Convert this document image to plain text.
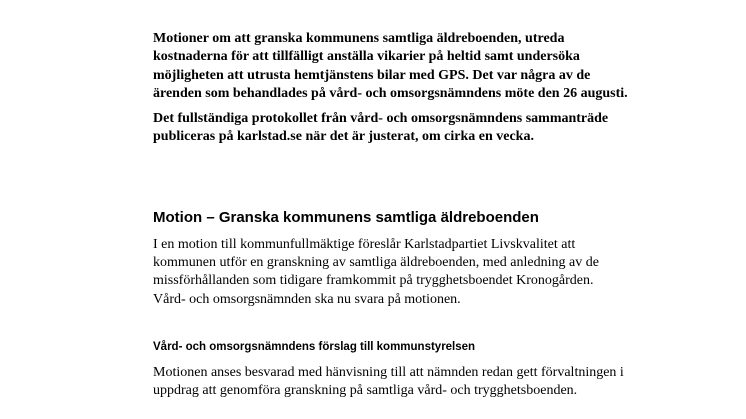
Motioner om att granska kommunens samtliga äldreboenden, utreda kostnaderna för att tillfälligt anställa vikarier på heltid samt undersöka möjligheten att utrusta hemtjänstens bilar med GPS. Det var några av de ärenden som behandlades på vård- och omsorgsnämndens möte den 26 augusti.

Det fullständiga protokollet från vård- och omsorgsnämndens sammanträde publiceras på karlstad.se när det är justerat, om cirka en vecka.

Motion – Granska kommunens samtliga äldreboenden

I en motion till kommunfullmäktige föreslår Karlstadpartiet Livskvalitet att kommunen utför en granskning av samtliga äldreboenden, med anledning av de missförhållanden som tidigare framkommit på trygghetsboendet Kronogården. Vård- och omsorgsnämnden ska nu svara på motionen.

Vård- och omsorgsnämndens förslag till kommunstyrelsen

Motionen anses besvarad med hänvisning till att nämnden redan gett förvaltningen i uppdrag att genomföra granskning på samtliga vård- och trygghetsboenden.
